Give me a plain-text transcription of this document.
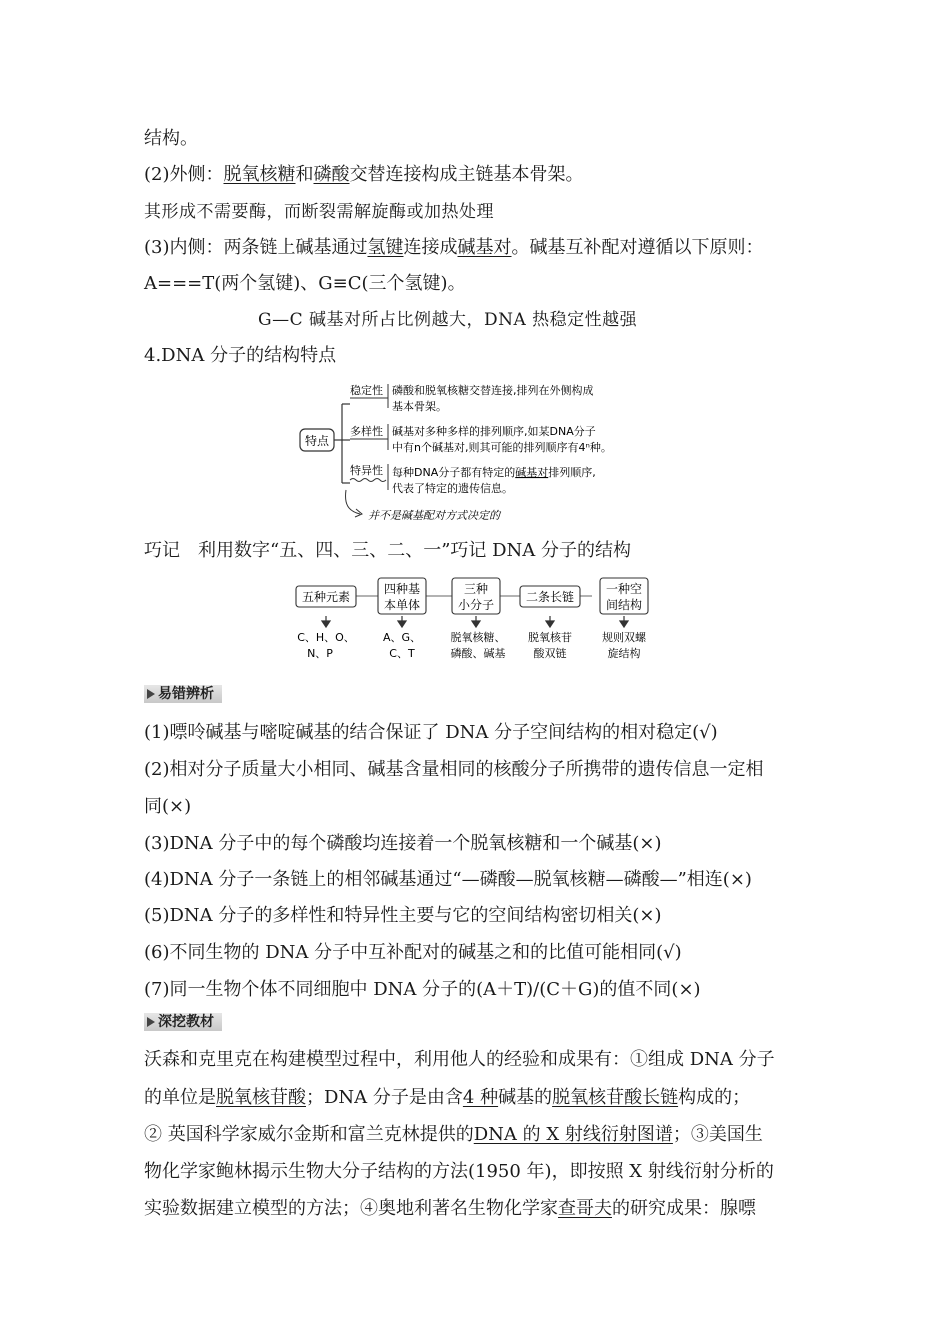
结构。
(2)外侧：脱氧核糖和磷酸交替连接构成主链基本骨架。
其形成不需要酶，而断裂需解旋酶或加热处理
(3)内侧：两条链上碱基通过氢键连接成碱基对。碱基互补配对遵循以下原则：
A===T(两个氢键)、G≡C(三个氢键)。
G—C 碱基对所占比例越大，DNA 热稳定性越强
4.DNA 分子的结构特点
特点
稳定性 磷酸和脱氧核糖交替连接,排列在外侧构成
基本骨架。
多样性 碱基对多种多样的排列顺序,如某DNA分子
中有n个碱基对,则其可能的排列顺序有4ⁿ种。
特异性 每种DNA分子都有特定的碱基对排列顺序,
代表了特定的遗传信息。
并不是碱基配对方式决定的
巧记　利用数字“五、四、三、二、一”巧记 DNA 分子的结构
五种元素
四种基
本单体
三种
小分子
二条长链
一种空
间结构
C、H、O、
N、P
A、G、
C、T
脱氧核糖、
磷酸、碱基
脱氧核苷
酸双链
规则双螺
旋结构
易错辨析
(1)嘌呤碱基与嘧啶碱基的结合保证了 DNA 分子空间结构的相对稳定(√)
(2)相对分子质量大小相同、碱基含量相同的核酸分子所携带的遗传信息一定相
同(×)
(3)DNA 分子中的每个磷酸均连接着一个脱氧核糖和一个碱基(×)
(4)DNA 分子一条链上的相邻碱基通过“—磷酸—脱氧核糖—磷酸—”相连(×)
(5)DNA 分子的多样性和特异性主要与它的空间结构密切相关(×)
(6)不同生物的 DNA 分子中互补配对的碱基之和的比值可能相同(√)
(7)同一生物个体不同细胞中 DNA 分子的(A＋T)/(C＋G)的值不同(×)
深挖教材
沃森和克里克在构建模型过程中，利用他人的经验和成果有：①组成 DNA 分子
的单位是脱氧核苷酸；DNA 分子是由含4 种碱基的脱氧核苷酸长链构成的；
② 英国科学家威尔金斯和富兰克林提供的DNA 的 X 射线衍射图谱；③美国生
物化学家鲍林揭示生物大分子结构的方法(1950 年)，即按照 X 射线衍射分析的
实验数据建立模型的方法；④奥地利著名生物化学家查哥夫的研究成果：腺嘌
